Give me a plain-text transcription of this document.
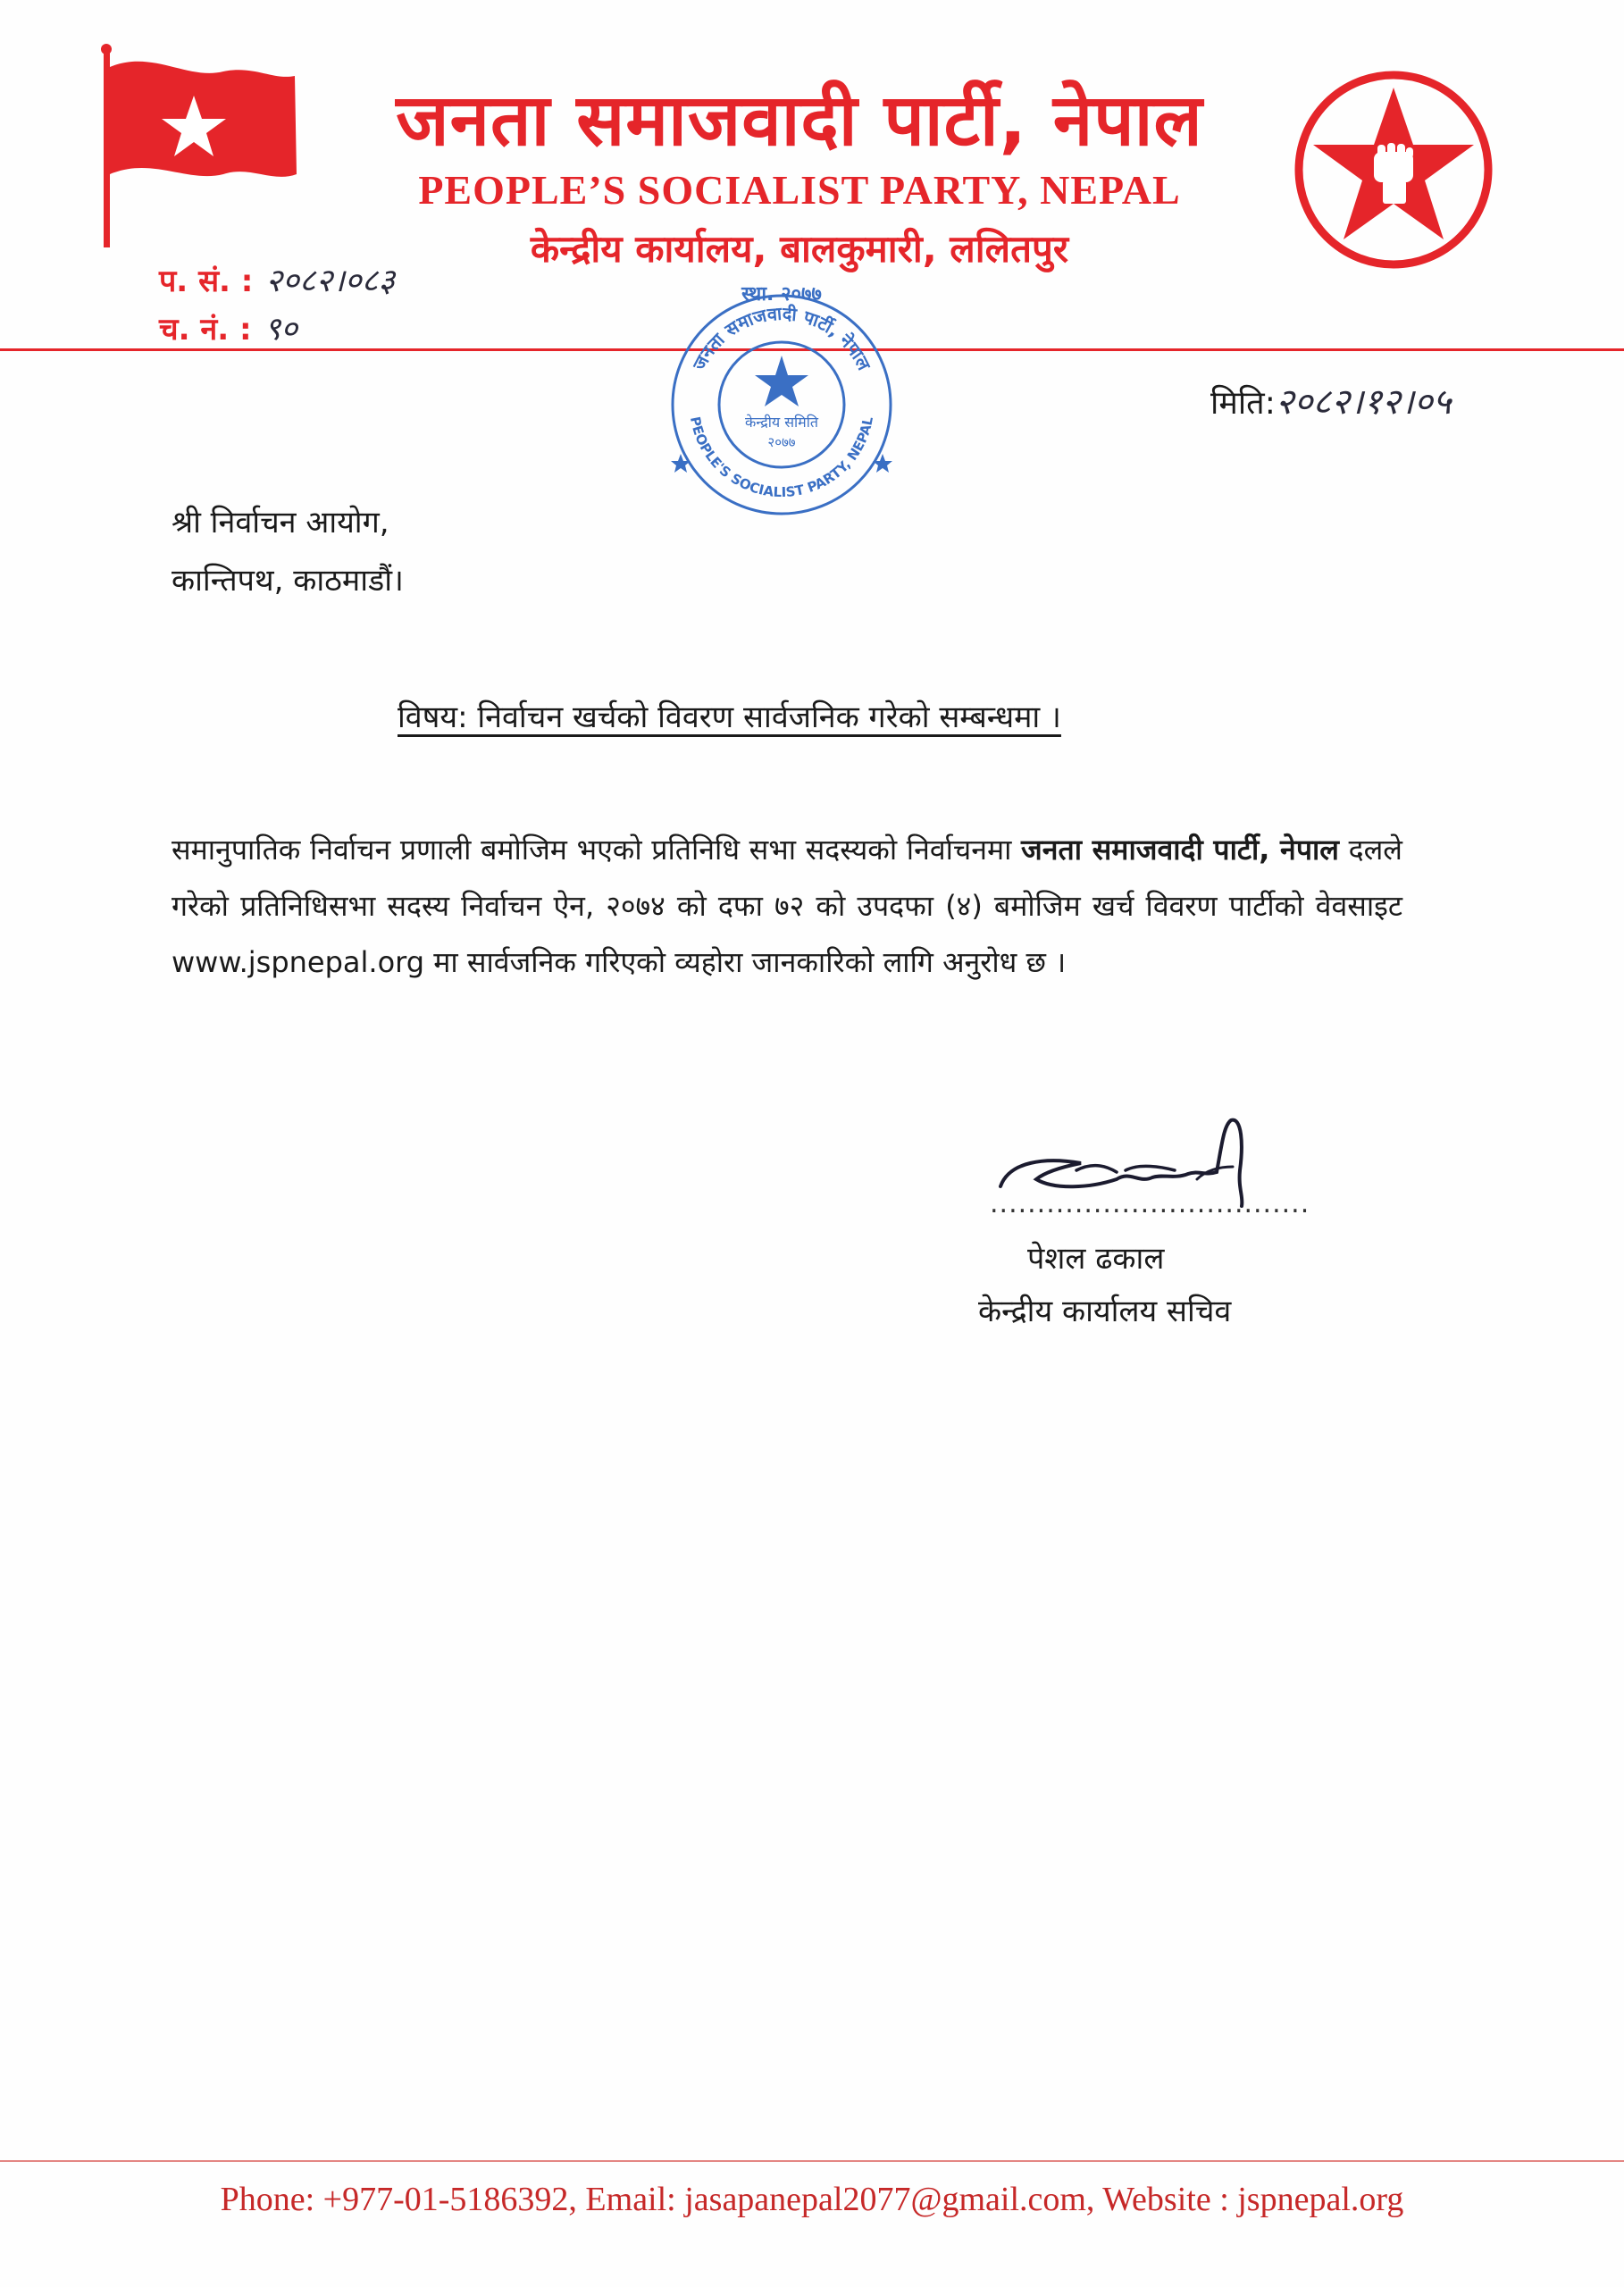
जनता समाजवादी पार्टी, नेपाल
PEOPLE’S SOCIALIST PARTY, NEPAL
केन्द्रीय कार्यालय, बालकुमारी, ललितपुर
प. सं. : २०८२।०८३
च. नं. : ९०
जनता समाजवादी पार्टी, नेपाल
PEOPLE'S SOCIALIST PARTY, NEPAL
स्था. २०७७
केन्द्रीय समिति
२०७७
मिति:२०८२।१२।०५
श्री निर्वाचन आयोग,
कान्तिपथ, काठमाडौं।
विषय: निर्वाचन खर्चको विवरण सार्वजनिक गरेको सम्बन्धमा ।
समानुपातिक निर्वाचन प्रणाली बमोजिम भएको प्रतिनिधि सभा सदस्यको निर्वाचनमा जनता समाजवादी पार्टी, नेपाल दलले गरेको प्रतिनिधिसभा सदस्य निर्वाचन ऐन, २०७४ को दफा ७२ को उपदफा (४) बमोजिम खर्च विवरण पार्टीको वेवसाइट www.jspnepal.org मा सार्वजनिक गरिएको व्यहोरा जानकारिको लागि अनुरोध छ ।
..................................
पेशल ढकाल
केन्द्रीय कार्यालय सचिव
Phone: +977-01-5186392, Email: jasapanepal2077@gmail.com, Website : jspnepal.org
